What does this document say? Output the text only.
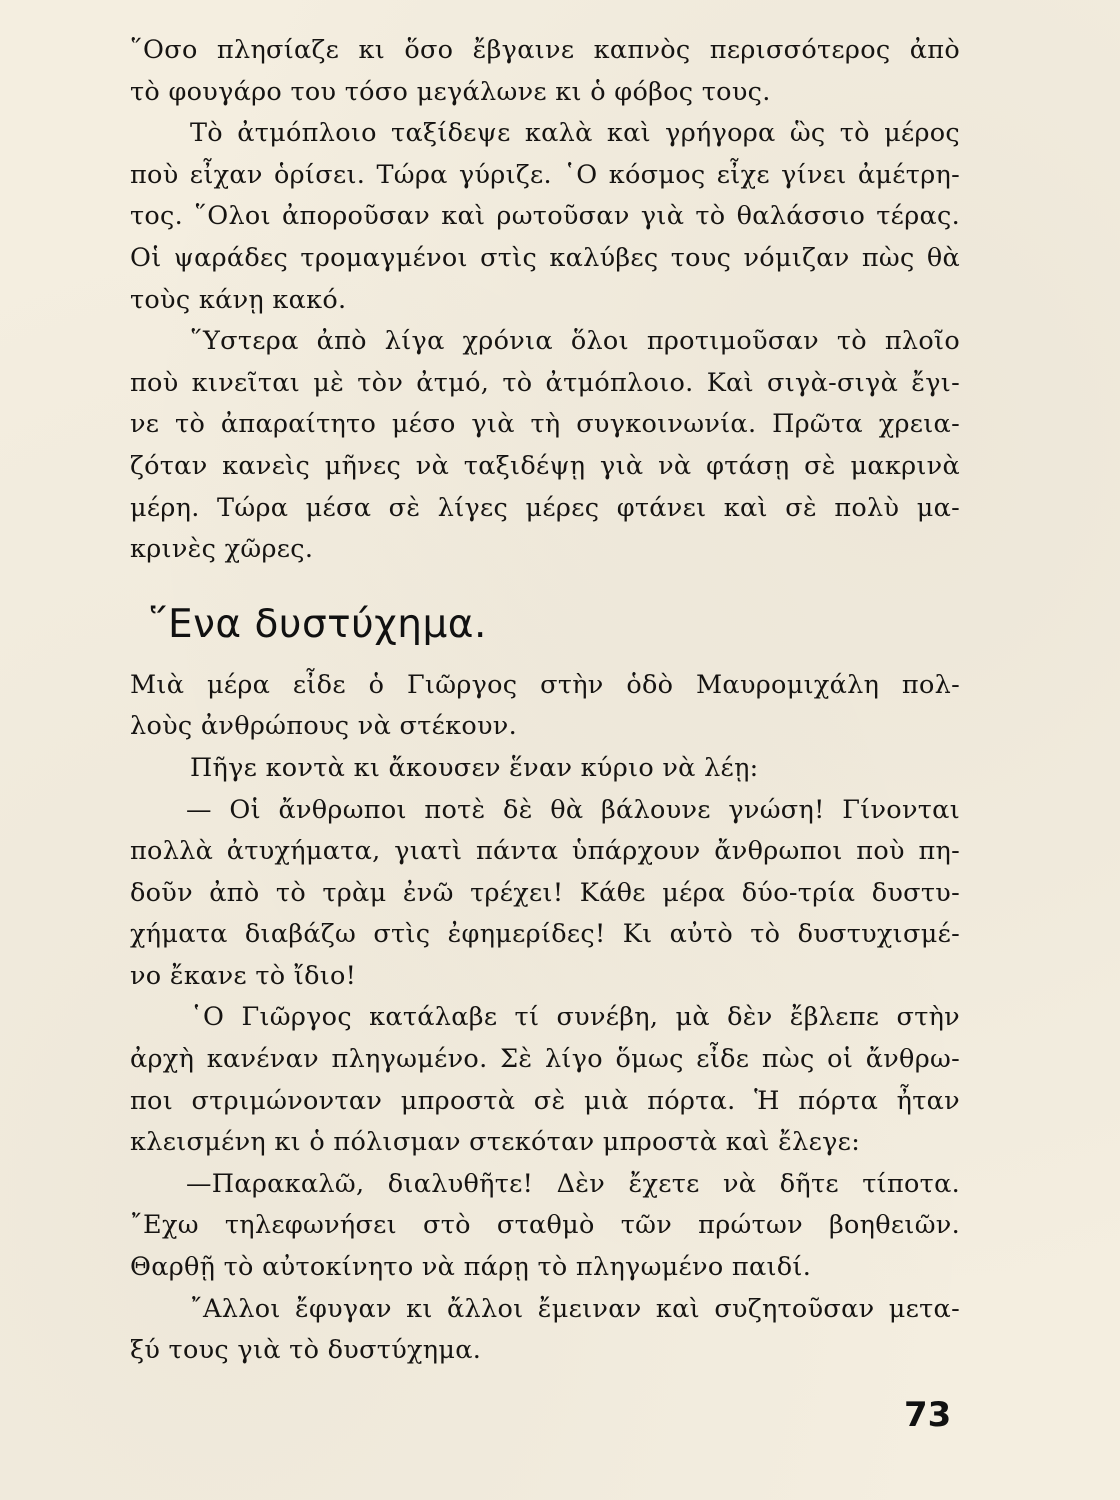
῞Οσο πλησίαζε κι ὅσο ἔβγαινε καπνὸς περισσότερος ἀπὸ
τὸ φουγάρο του τόσο μεγάλωνε κι ὁ φόβος τους.
Τὸ ἀτμόπλοιο ταξίδεψε καλὰ καὶ γρήγορα ὣς τὸ μέρος
ποὺ εἶχαν ὁρίσει. Τώρα γύριζε. ῾Ο κόσμος εἶχε γίνει ἀμέτρη-
τος. ῞Ολοι ἀποροῦσαν καὶ ρωτοῦσαν γιὰ τὸ θαλάσσιο τέρας.
Οἱ ψαράδες τρομαγμένοι στὶς καλύβες τους νόμιζαν πὼς θὰ
τοὺς κάνῃ κακό.
῞Υστερα ἀπὸ λίγα χρόνια ὅλοι προτιμοῦσαν τὸ πλοῖο
ποὺ κινεῖται μὲ τὸν ἀτμό, τὸ ἀτμόπλοιο. Καὶ σιγὰ-σιγὰ ἔγι-
νε τὸ ἀπαραίτητο μέσο γιὰ τὴ συγκοινωνία. Πρῶτα χρεια-
ζόταν κανεὶς μῆνες νὰ ταξιδέψῃ γιὰ νὰ φτάσῃ σὲ μακρινὰ
μέρη. Τώρα μέσα σὲ λίγες μέρες φτάνει καὶ σὲ πολὺ μα-
κρινὲς χῶρες.
῞Ενα δυστύχημα.
Μιὰ μέρα εἶδε ὁ Γιῶργος στὴν ὁδὸ Μαυρομιχάλη πολ-
λοὺς ἀνθρώπους νὰ στέκουν.
Πῆγε κοντὰ κι ἄκουσεν ἕναν κύριο νὰ λέῃ:
— Οἱ ἄνθρωποι ποτὲ δὲ θὰ βάλουνε γνώση! Γίνονται
πολλὰ ἀτυχήματα, γιατὶ πάντα ὑπάρχουν ἄνθρωποι ποὺ πη-
δοῦν ἀπὸ τὸ τρὰμ ἐνῶ τρέχει! Κάθε μέρα δύο-τρία δυστυ-
χήματα διαβάζω στὶς ἐφημερίδες! Κι αὐτὸ τὸ δυστυχισμέ-
νο ἔκανε τὸ ἴδιο!
῾Ο Γιῶργος κατάλαβε τί συνέβη, μὰ δὲν ἔβλεπε στὴν
ἀρχὴ κανέναν πληγωμένο. Σὲ λίγο ὅμως εἶδε πὼς οἱ ἄνθρω-
ποι στριμώνονταν μπροστὰ σὲ μιὰ πόρτα. Ἡ πόρτα ἦταν
κλεισμένη κι ὁ πόλισμαν στεκόταν μπροστὰ καὶ ἔλεγε:
—Παρακαλῶ, διαλυθῆτε! Δὲν ἔχετε νὰ δῆτε τίποτα.
῎Εχω τηλεφωνήσει στὸ σταθμὸ τῶν πρώτων βοηθειῶν.
Θαρθῇ τὸ αὐτοκίνητο νὰ πάρῃ τὸ πληγωμένο παιδί.
῎Αλλοι ἔφυγαν κι ἄλλοι ἔμειναν καὶ συζητοῦσαν μετα-
ξύ τους γιὰ τὸ δυστύχημα.
73
